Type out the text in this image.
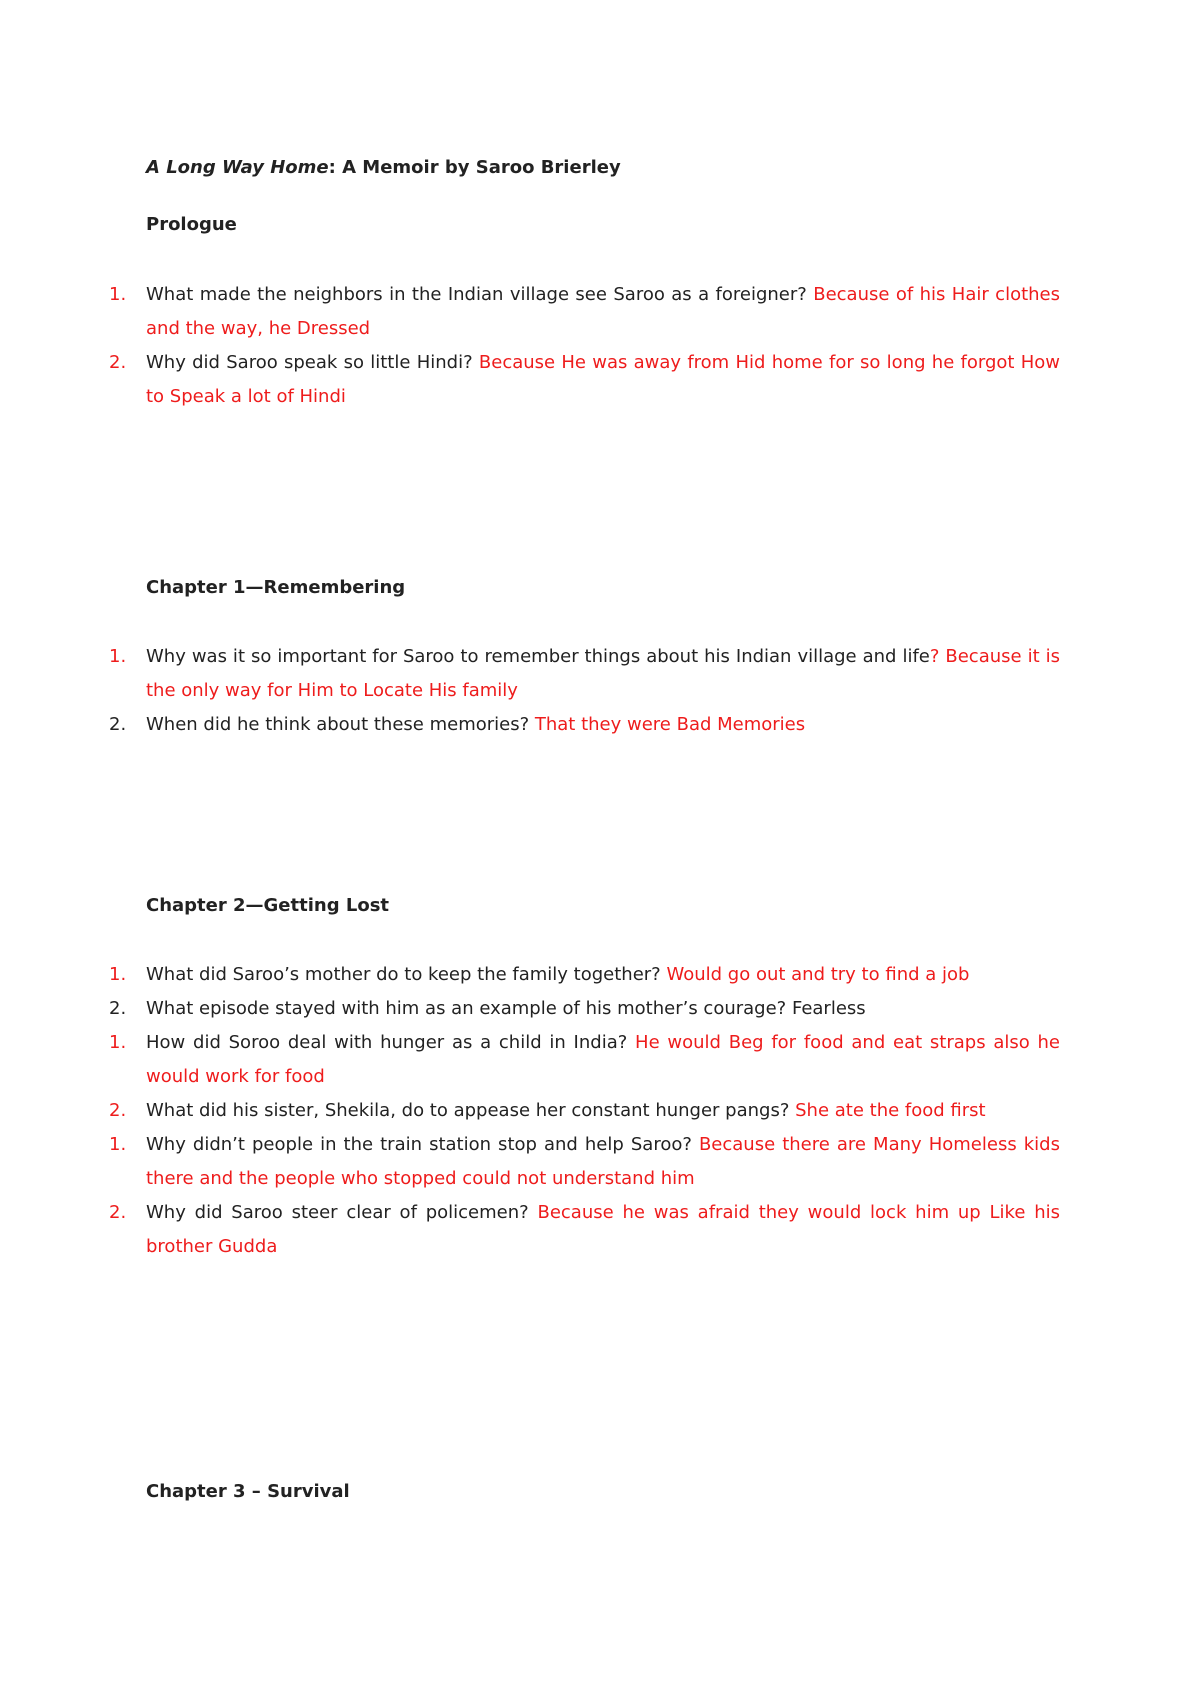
A Long Way Home: A Memoir by Saroo Brierley
Prologue
1.	What made the neighbors in the Indian village see Saroo as a foreigner? Because of his Hair clothes and the way, he Dressed
2.	Why did Saroo speak so little Hindi? Because He was away from Hid home for so long he forgot How to Speak a lot of Hindi
Chapter 1—Remembering
1.	Why was it so important for Saroo to remember things about his Indian village and life? Because it is the only way for Him to Locate His family
2.	When did he think about these memories? That they were Bad Memories
Chapter 2—Getting Lost
1.	What did Saroo’s mother do to keep the family together? Would go out and try to find a job
2.	What episode stayed with him as an example of his mother’s courage? Fearless
1.	How did Soroo deal with hunger as a child in India? He would Beg for food and eat straps also he would work for food
2.	What did his sister, Shekila, do to appease her constant hunger pangs? She ate the food first
1.	Why didn’t people in the train station stop and help Saroo? Because there are Many Homeless kids there and the people who stopped could not understand him
2.	Why did Saroo steer clear of policemen? Because he was afraid they would lock him up Like his brother Gudda
Chapter 3 – Survival
